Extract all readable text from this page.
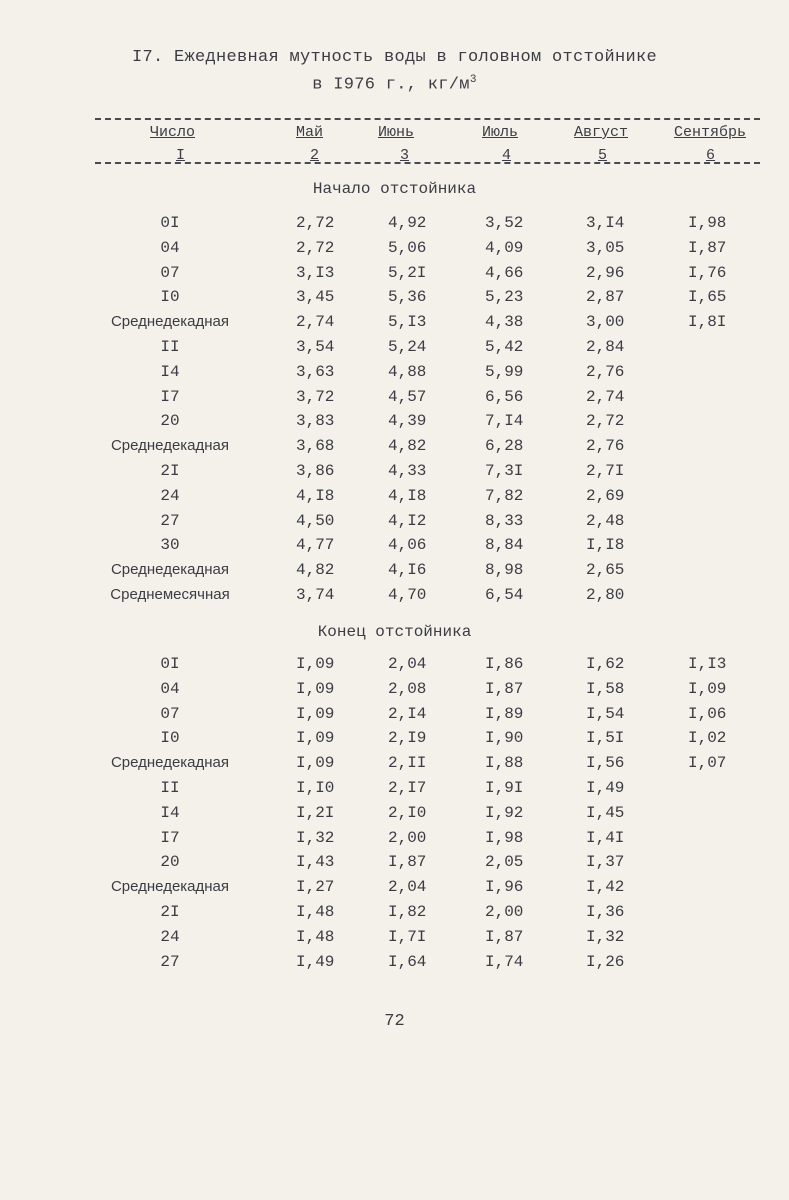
I7. Ежедневная мутность воды в головном отстойнике
в I976 г., $кг/м^3$
Число	Май	Июнь	Июль	Август	Сентябрь
I	2	3	4	5	6
Начало отстойника
0I	2,72	4,92	3,52	3,I4	I,98
04	2,72	5,06	4,09	3,05	I,87
07	3,I3	5,2I	4,66	2,96	I,76
I0	3,45	5,36	5,23	2,87	I,65
Среднедекадная	2,74	5,I3	4,38	3,00	I,8I
II	3,54	5,24	5,42	2,84
I4	3,63	4,88	5,99	2,76
I7	3,72	4,57	6,56	2,74
20	3,83	4,39	7,I4	2,72
Среднедекадная	3,68	4,82	6,28	2,76
2I	3,86	4,33	7,3I	2,7I
24	4,I8	4,I8	7,82	2,69
27	4,50	4,I2	8,33	2,48
30	4,77	4,06	8,84	I,I8
Среднедекадная	4,82	4,I6	8,98	2,65
Среднемесячная	3,74	4,70	6,54	2,80
Конец отстойника
0I	I,09	2,04	I,86	I,62	I,I3
04	I,09	2,08	I,87	I,58	I,09
07	I,09	2,I4	I,89	I,54	I,06
I0	I,09	2,I9	I,90	I,5I	I,02
Среднедекадная	I,09	2,II	I,88	I,56	I,07
II	I,I0	2,I7	I,9I	I,49
I4	I,2I	2,I0	I,92	I,45
I7	I,32	2,00	I,98	I,4I
20	I,43	I,87	2,05	I,37
Среднедекадная	I,27	2,04	I,96	I,42
2I	I,48	I,82	2,00	I,36
24	I,48	I,7I	I,87	I,32
27	I,49	I,64	I,74	I,26
72
